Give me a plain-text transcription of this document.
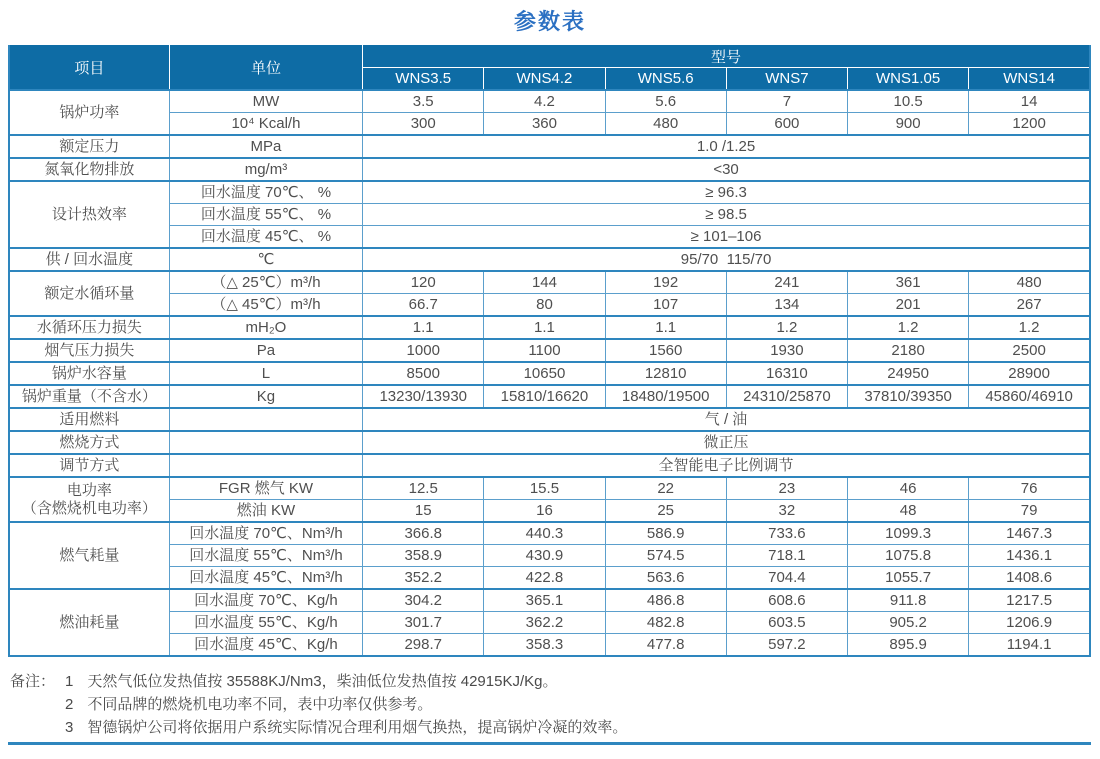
参数表
项目	单位	型号					
		WNS3.5	WNS4.2	WNS5.6	WNS7	WNS1.05	WNS14
锅炉功率	MW	3.5	4.2	5.6	7	10.5	14
	10⁴ Kcal/h	300	360	480	600	900	1200
额定压力	MPa	1.0 /1.25					
氮氧化物排放	mg/m³	<30					
设计热效率	回水温度 70℃、 %	≥ 96.3					
	回水温度 55℃、 %	≥ 98.5					
	回水温度 45℃、 %	≥ 101–106					
供 / 回水温度	℃	95/70  115/70					
额定水循环量	（△ 25℃）m³/h	120	144	192	241	361	480
	（△ 45℃）m³/h	66.7	80	107	134	201	267
水循环压力损失	mH₂O	1.1	1.1	1.1	1.2	1.2	1.2
烟气压力损失	Pa	1000	1100	1560	1930	2180	2500
锅炉水容量	L	8500	10650	12810	16310	24950	28900
锅炉重量（不含水）	Kg	13230/13930	15810/16620	18480/19500	24310/25870	37810/39350	45860/46910
适用燃料		气 / 油					
燃烧方式		微正压					
调节方式		全智能电子比例调节					
电功率
（含燃烧机电功率）	FGR 燃气 KW	12.5	15.5	22	23	46	76
	燃油 KW	15	16	25	32	48	79
燃气耗量	回水温度 70℃、Nm³/h	366.8	440.3	586.9	733.6	1099.3	1467.3
	回水温度 55℃、Nm³/h	358.9	430.9	574.5	718.1	1075.8	1436.1
	回水温度 45℃、Nm³/h	352.2	422.8	563.6	704.4	1055.7	1408.6
燃油耗量	回水温度 70℃、Kg/h	304.2	365.1	486.8	608.6	911.8	1217.5
	回水温度 55℃、Kg/h	301.7	362.2	482.8	603.5	905.2	1206.9
	回水温度 45℃、Kg/h	298.7	358.3	477.8	597.2	895.9	1194.1
备注： 1 天然气低位发热值按 35588KJ/Nm3，柴油低位发热值按 42915KJ/Kg。
2 不同品牌的燃烧机电功率不同，表中功率仅供参考。
3 智德锅炉公司将依据用户系统实际情况合理利用烟气换热，提高锅炉冷凝的效率。
